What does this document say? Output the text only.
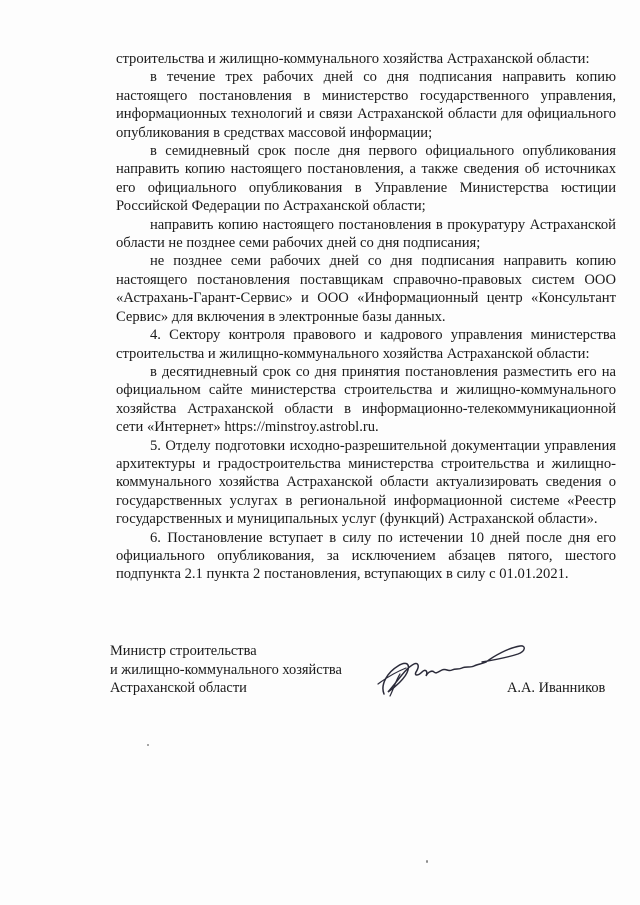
строительства и жилищно-коммунального хозяйства Астраханской области:

в течение трех рабочих дней со дня подписания направить копию настоящего постановления в министерство государственного управления, информационных технологий и связи Астраханской области для официального опубликования в средствах массовой информации;

в семидневный срок после дня первого официального опубликования направить копию настоящего постановления, а также сведения об источниках его официального опубликования в Управление Министерства юстиции Российской Федерации по Астраханской области;

направить копию настоящего постановления в прокуратуру Астраханской области не позднее семи рабочих дней со дня подписания;

не позднее семи рабочих дней со дня подписания направить копию настоящего постановления поставщикам справочно-правовых систем ООО «Астрахань-Гарант-Сервис» и ООО «Информационный центр «Консультант Сервис» для включения в электронные базы данных.

4. Сектору контроля правового и кадрового управления министерства строительства и жилищно-коммунального хозяйства Астраханской области:

в десятидневный срок со дня принятия постановления разместить его на официальном сайте министерства строительства и жилищно-коммунального хозяйства Астраханской области в информационно-телекоммуникационной сети «Интернет» https://minstroy.astrobl.ru.

5. Отделу подготовки исходно-разрешительной документации управления архитектуры и градостроительства министерства строительства и жилищно-коммунального хозяйства Астраханской области актуализировать сведения о государственных услугах в региональной информационной системе «Реестр государственных и муниципальных услуг (функций) Астраханской области».

6. Постановление вступает в силу по истечении 10 дней после дня его официального опубликования, за исключением абзацев пятого, шестого подпункта 2.1 пункта 2 постановления, вступающих в силу с 01.01.2021.

Министр строительства
и жилищно-коммунального хозяйства
Астраханской области	А.А. Иванников
